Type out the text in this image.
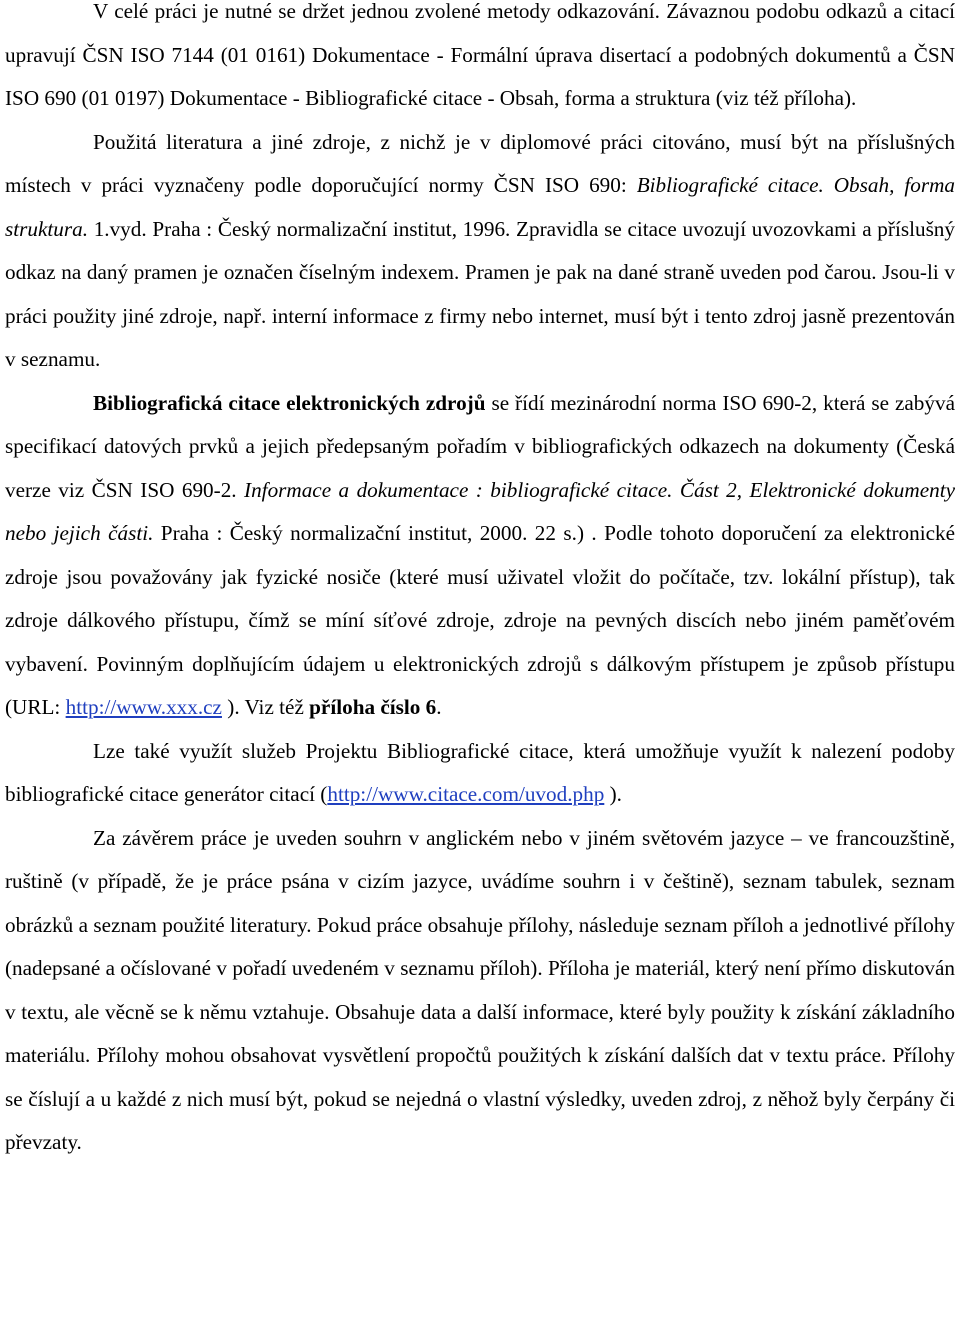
V celé práci je nutné se držet jednou zvolené metody odkazování. Závaznou podobu odkazů a citací upravují ČSN ISO 7144 (01 0161) Dokumentace - Formální úprava disertací a podobných dokumentů a ČSN ISO 690 (01 0197) Dokumentace - Bibliografické citace - Obsah, forma a struktura (viz též příloha).

Použitá literatura a jiné zdroje, z nichž je v diplomové práci citováno, musí být na příslušných místech v práci vyznačeny podle doporučující normy ČSN ISO 690: Bibliografické citace. Obsah, forma struktura. 1.vyd. Praha : Český normalizační institut, 1996. Zpravidla se citace uvozují uvozovkami a příslušný odkaz na daný pramen je označen číselným indexem. Pramen je pak na dané straně uveden pod čarou. Jsou-li v práci použity jiné zdroje, např. interní informace z firmy nebo internet, musí být i tento zdroj jasně prezentován v seznamu.

Bibliografická citace elektronických zdrojů se řídí mezinárodní norma ISO 690-2, která se zabývá specifikací datových prvků a jejich předepsaným pořadím v bibliografických odkazech na dokumenty (Česká verze viz ČSN ISO 690-2. Informace a dokumentace : bibliografické citace. Část 2, Elektronické dokumenty nebo jejich části. Praha : Český normalizační institut, 2000. 22 s.) . Podle tohoto doporučení za elektronické zdroje jsou považovány jak fyzické nosiče (které musí uživatel vložit do počítače, tzv. lokální přístup), tak zdroje dálkového přístupu, čímž se míní síťové zdroje, zdroje na pevných discích nebo jiném paměťovém vybavení. Povinným doplňujícím údajem u elektronických zdrojů s dálkovým přístupem je způsob přístupu (URL: http://www.xxx.cz ). Viz též příloha číslo 6.

Lze také využít služeb Projektu Bibliografické citace, která umožňuje využít k nalezení podoby bibliografické citace generátor citací (http://www.citace.com/uvod.php ).

Za závěrem práce je uveden souhrn v anglickém nebo v jiném světovém jazyce – ve francouzštině, ruštině (v případě, že je práce psána v cizím jazyce, uvádíme souhrn i v češtině), seznam tabulek, seznam obrázků a seznam použité literatury. Pokud práce obsahuje přílohy, následuje seznam příloh a jednotlivé přílohy (nadepsané a očíslované v pořadí uvedeném v seznamu příloh). Příloha je materiál, který není přímo diskutován v textu, ale věcně se k němu vztahuje. Obsahuje data a další informace, které byly použity k získání základního materiálu. Přílohy mohou obsahovat vysvětlení propočtů použitých k získání dalších dat v textu práce. Přílohy se číslují a u každé z nich musí být, pokud se nejedná o vlastní výsledky, uveden zdroj, z něhož byly čerpány či převzaty.
